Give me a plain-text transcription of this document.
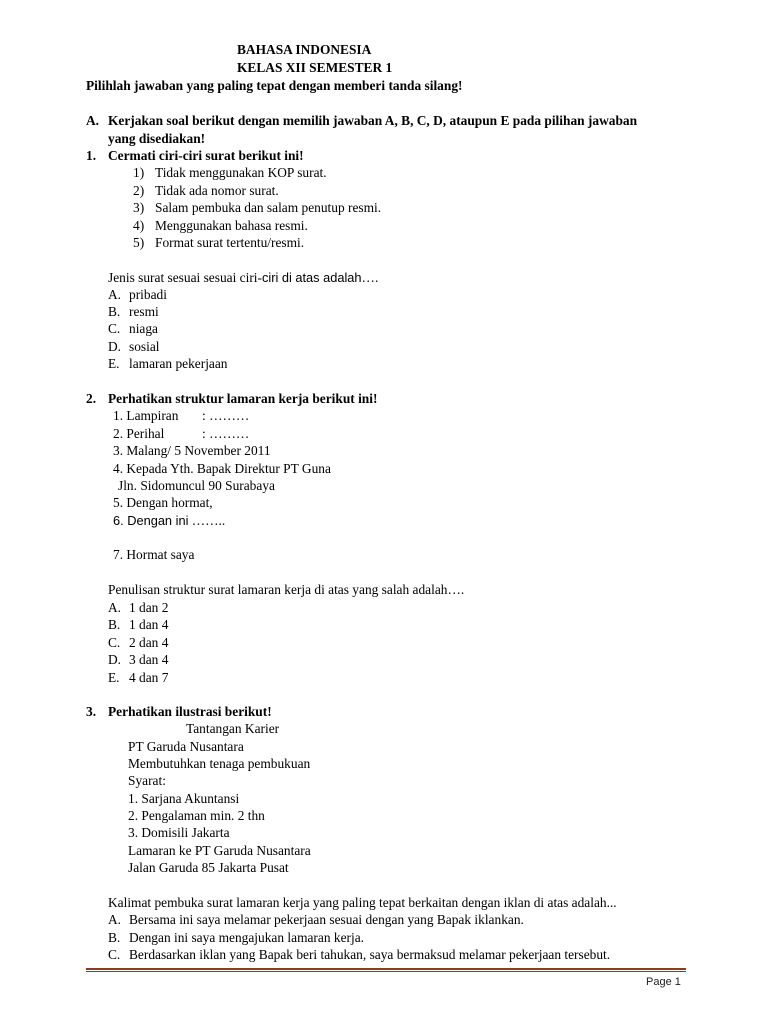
BAHASA INDONESIA
KELAS XII SEMESTER 1
Pilihlah jawaban yang paling tepat dengan memberi tanda silang!
A. Kerjakan soal berikut dengan memilih jawaban A, B, C, D, ataupun E pada pilihan jawaban
yang disediakan!
1. Cermati ciri-ciri surat berikut ini!
1) Tidak menggunakan KOP surat.
2) Tidak ada nomor surat.
3) Salam pembuka dan salam penutup resmi.
4) Menggunakan bahasa resmi.
5) Format surat tertentu/resmi.
Jenis surat sesuai sesuai ciri-ciri di atas adalah….
A. pribadi
B. resmi
C. niaga
D. sosial
E. lamaran pekerjaan
2. Perhatikan struktur lamaran kerja berikut ini!
1. Lampiran : ………
2. Perihal	: ………
3. Malang/ 5 November 2011
4. Kepada Yth. Bapak Direktur PT Guna
Jln. Sidomuncul 90 Surabaya
5. Dengan hormat,
6. Dengan ini ……..
7. Hormat saya
Penulisan struktur surat lamaran kerja di atas yang salah adalah….
A. 1 dan 2
B. 1 dan 4
C. 2 dan 4
D. 3 dan 4
E. 4 dan 7
3. Perhatikan ilustrasi berikut!
Tantangan Karier
PT Garuda Nusantara
Membutuhkan tenaga pembukuan
Syarat:
1. Sarjana Akuntansi
2. Pengalaman min. 2 thn
3. Domisili Jakarta
Lamaran ke PT Garuda Nusantara
Jalan Garuda 85 Jakarta Pusat
Kalimat pembuka surat lamaran kerja yang paling tepat berkaitan dengan iklan di atas adalah...
A. Bersama ini saya melamar pekerjaan sesuai dengan yang Bapak iklankan.
B. Dengan ini saya mengajukan lamaran kerja.
C. Berdasarkan iklan yang Bapak beri tahukan, saya bermaksud melamar pekerjaan tersebut.
Page 1
